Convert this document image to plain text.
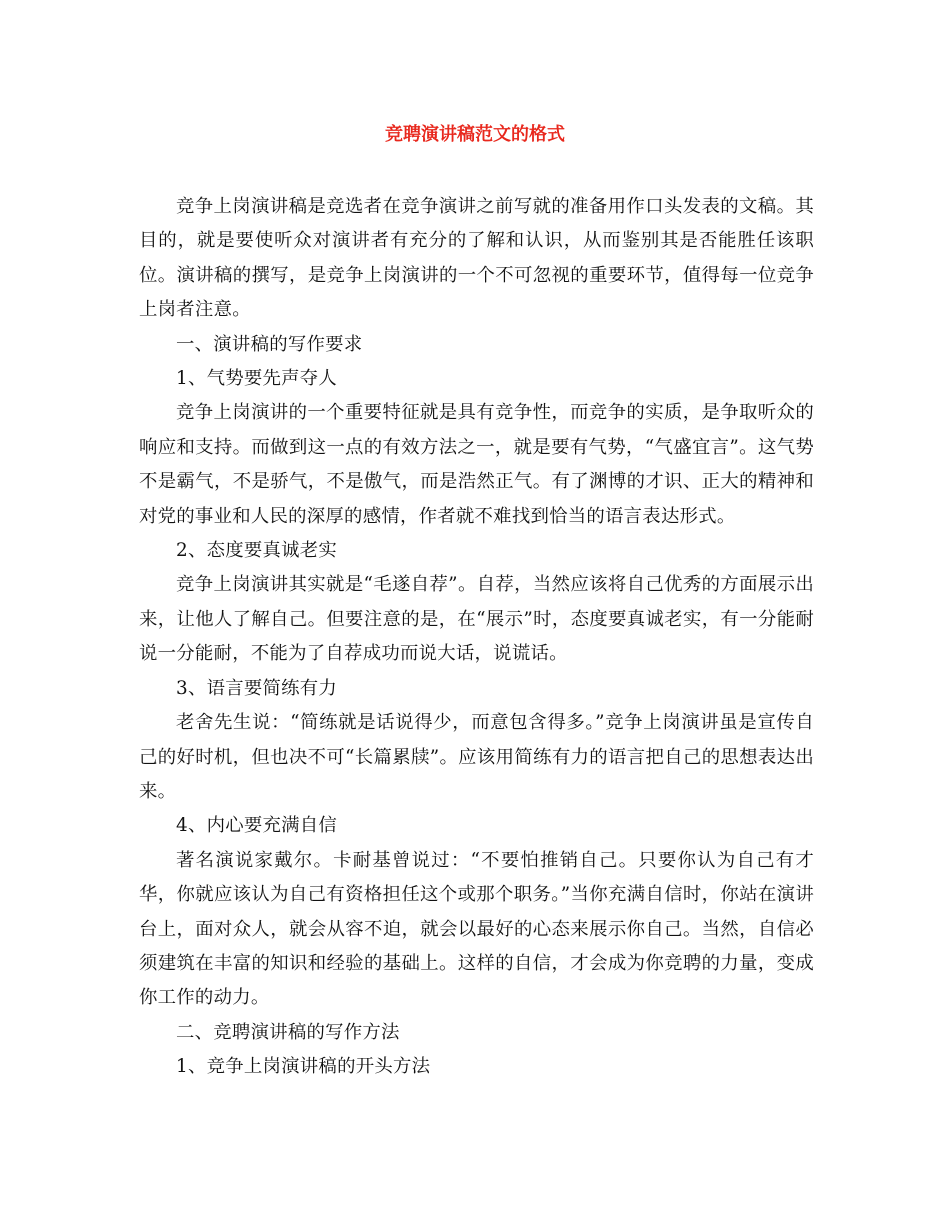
竞聘演讲稿范文的格式

竞争上岗演讲稿是竞选者在竞争演讲之前写就的准备用作口头发表的文稿。其目的，就是要使听众对演讲者有充分的了解和认识，从而鉴别其是否能胜任该职位。演讲稿的撰写，是竞争上岗演讲的一个不可忽视的重要环节，值得每一位竞争上岗者注意。

一、演讲稿的写作要求

1、气势要先声夺人

竞争上岗演讲的一个重要特征就是具有竞争性，而竞争的实质，是争取听众的响应和支持。而做到这一点的有效方法之一，就是要有气势，“气盛宜言”。这气势不是霸气，不是骄气，不是傲气，而是浩然正气。有了渊博的才识、正大的精神和对党的事业和人民的深厚的感情，作者就不难找到恰当的语言表达形式。

2、态度要真诚老实

竞争上岗演讲其实就是“毛遂自荐”。自荐，当然应该将自己优秀的方面展示出来，让他人了解自己。但要注意的是，在“展示”时，态度要真诚老实，有一分能耐说一分能耐，不能为了自荐成功而说大话，说谎话。

3、语言要简练有力

老舍先生说：“简练就是话说得少，而意包含得多。”竞争上岗演讲虽是宣传自己的好时机，但也决不可“长篇累牍”。应该用简练有力的语言把自己的思想表达出来。

4、内心要充满自信

著名演说家戴尔。卡耐基曾说过：“不要怕推销自己。只要你认为自己有才华，你就应该认为自己有资格担任这个或那个职务。”当你充满自信时，你站在演讲台上，面对众人，就会从容不迫，就会以最好的心态来展示你自己。当然，自信必须建筑在丰富的知识和经验的基础上。这样的自信，才会成为你竞聘的力量，变成你工作的动力。

二、竞聘演讲稿的写作方法

1、竞争上岗演讲稿的开头方法
